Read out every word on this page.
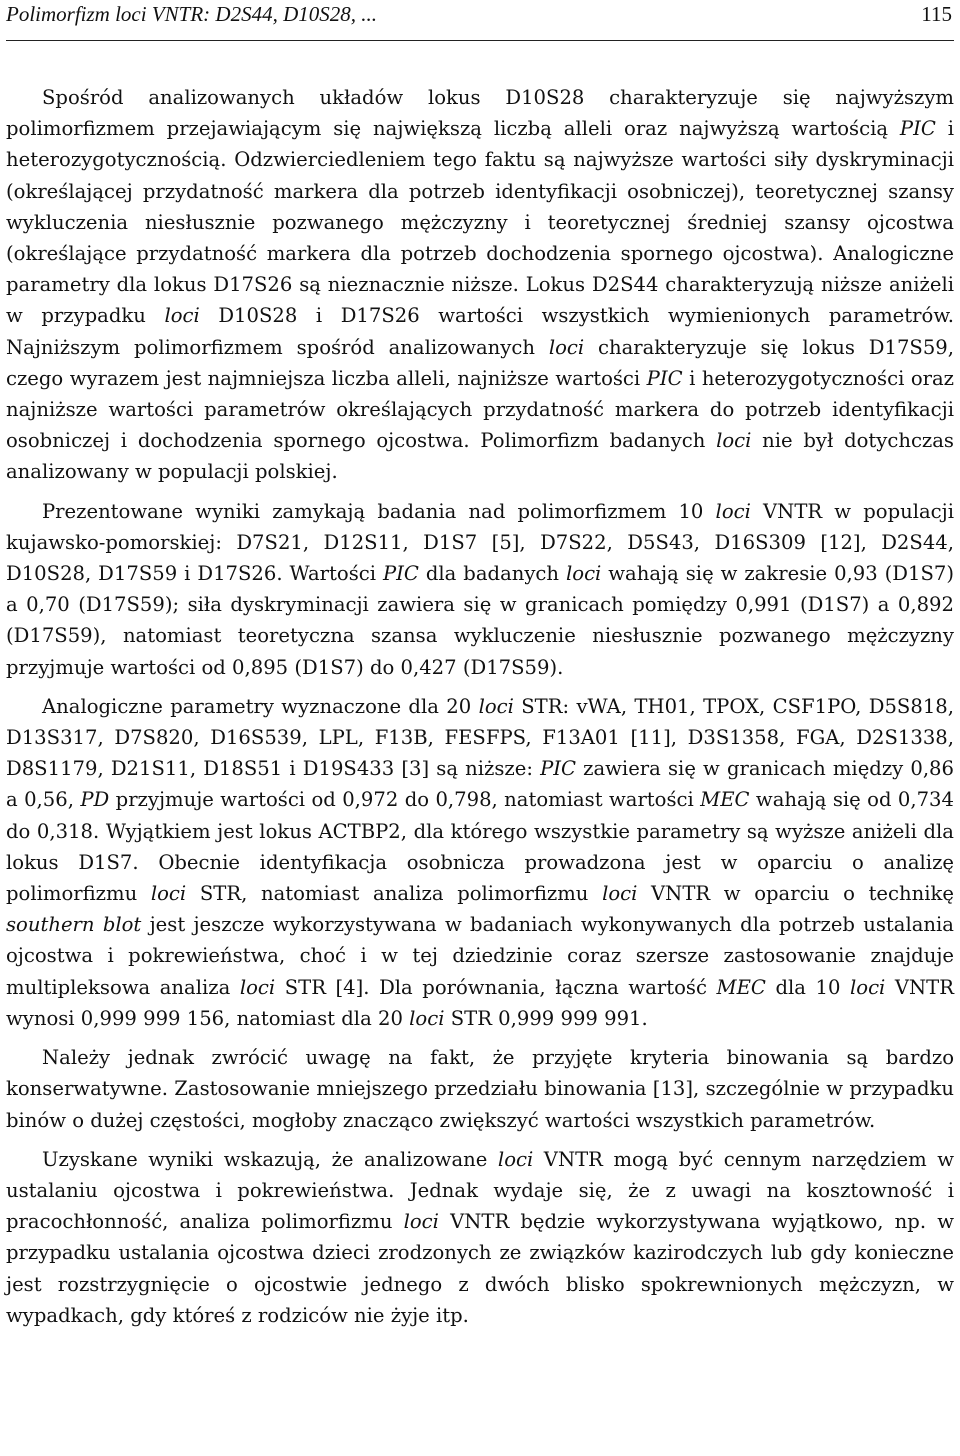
Polimorfizm loci VNTR: D2S44, D10S28, ...	115

Spośród analizowanych układów lokus D10S28 charakteryzuje się najwyższym polimorfizmem przejawiającym się największą liczbą alleli oraz najwyższą wartością PIC i heterozygotycznością. Odzwierciedleniem tego faktu są najwyższe wartości siły dyskryminacji (określającej przydatność markera dla potrzeb identyfikacji osobniczej), teoretycznej szansy wykluczenia niesłusznie pozwanego mężczyzny i teoretycznej średniej szansy ojcostwa (określające przydatność markera dla potrzeb dochodzenia spornego ojcostwa). Analogiczne parametry dla lokus D17S26 są nieznacznie niższe. Lokus D2S44 charakteryzują niższe aniżeli w przypadku loci D10S28 i D17S26 wartości wszystkich wymienionych parametrów. Najniższym polimorfizmem spośród analizowanych loci charakteryzuje się lokus D17S59, czego wyrazem jest najmniejsza liczba alleli, najniższe wartości PIC i heterozygotyczności oraz najniższe wartości parametrów określających przydatność markera do potrzeb identyfikacji osobniczej i dochodzenia spornego ojcostwa. Polimorfizm badanych loci nie był dotychczas analizowany w populacji polskiej.

Prezentowane wyniki zamykają badania nad polimorfizmem 10 loci VNTR w populacji kujawsko-pomorskiej: D7S21, D12S11, D1S7 [5], D7S22, D5S43, D16S309 [12], D2S44, D10S28, D17S59 i D17S26. Wartości PIC dla badanych loci wahają się w zakresie 0,93 (D1S7) a 0,70 (D17S59); siła dyskryminacji zawiera się w granicach pomiędzy 0,991 (D1S7) a 0,892 (D17S59), natomiast teoretyczna szansa wykluczenie niesłusznie pozwanego mężczyzny przyjmuje wartości od 0,895 (D1S7) do 0,427 (D17S59).

Analogiczne parametry wyznaczone dla 20 loci STR: vWA, TH01, TPOX, CSF1PO, D5S818, D13S317, D7S820, D16S539, LPL, F13B, FESFPS, F13A01 [11], D3S1358, FGA, D2S1338, D8S1179, D21S11, D18S51 i D19S433 [3] są niższe: PIC zawiera się w granicach między 0,86 a 0,56, PD przyjmuje wartości od 0,972 do 0,798, natomiast wartości MEC wahają się od 0,734 do 0,318. Wyjątkiem jest lokus ACTBP2, dla którego wszystkie parametry są wyższe aniżeli dla lokus D1S7. Obecnie identyfikacja osobnicza prowadzona jest w oparciu o analizę polimorfizmu loci STR, natomiast analiza polimorfizmu loci VNTR w oparciu o technikę southern blot jest jeszcze wykorzystywana w badaniach wykonywanych dla potrzeb ustalania ojcostwa i pokrewieństwa, choć i w tej dziedzinie coraz szersze zastosowanie znajduje multipleksowa analiza loci STR [4]. Dla porównania, łączna wartość MEC dla 10 loci VNTR wynosi 0,999 999 156, natomiast dla 20 loci STR 0,999 999 991.

Należy jednak zwrócić uwagę na fakt, że przyjęte kryteria binowania są bardzo konserwatywne. Zastosowanie mniejszego przedziału binowania [13], szczególnie w przypadku binów o dużej częstości, mogłoby znacząco zwiększyć wartości wszystkich parametrów.

Uzyskane wyniki wskazują, że analizowane loci VNTR mogą być cennym narzędziem w ustalaniu ojcostwa i pokrewieństwa. Jednak wydaje się, że z uwagi na kosztowność i pracochłonność, analiza polimorfizmu loci VNTR będzie wykorzystywana wyjątkowo, np. w przypadku ustalania ojcostwa dzieci zrodzonych ze związków kazirodczych lub gdy konieczne jest rozstrzygnięcie o ojcostwie jednego z dwóch blisko spokrewnionych mężczyzn, w wypadkach, gdy któreś z rodziców nie żyje itp.
